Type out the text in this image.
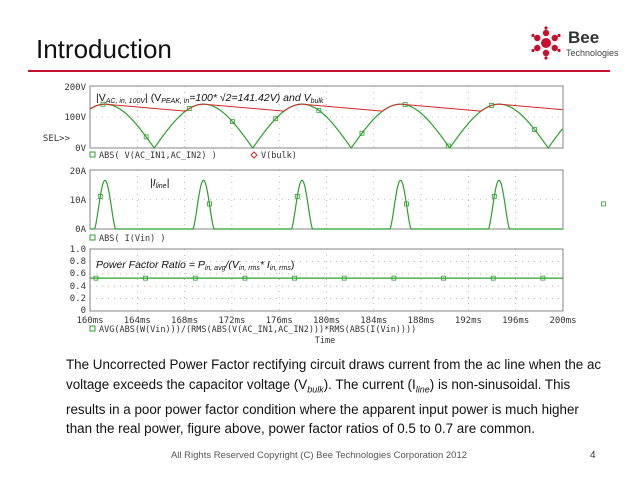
Introduction	Bee
Technologies
200V
100V
SEL>>
0V
|VAC, in, 100V| (VPEAK, in=100* √2=141.42V) and Vbulk
ABS( V(AC_IN1,AC_IN2) )	V(bulk)
20A
10A
0A
|Iline|
ABS( I(Vin) )
1.0
0.8
0.6
0.4
0.2
0
Power Factor Ratio = Pin, avg/(Vin, rms* Iin, rms)
160ms 164ms 168ms 172ms 176ms 180ms 184ms 188ms 192ms 196ms 200ms
AVG(ABS(W(Vin)))/(RMS(ABS(V(AC_IN1,AC_IN2)))*RMS(ABS(I(Vin))))
Time

The Uncorrected Power Factor rectifying circuit draws current from the ac line when the ac voltage exceeds the capacitor voltage $(V_{bulk})$. The current $(I_{line})$ is non-sinusoidal. This results in a poor power factor condition where the apparent input power is much higher than the real power, figure above, power factor ratios of 0.5 to 0.7 are common.

All Rights Reserved Copyright (C) Bee Technologies Corporation 2012	4
